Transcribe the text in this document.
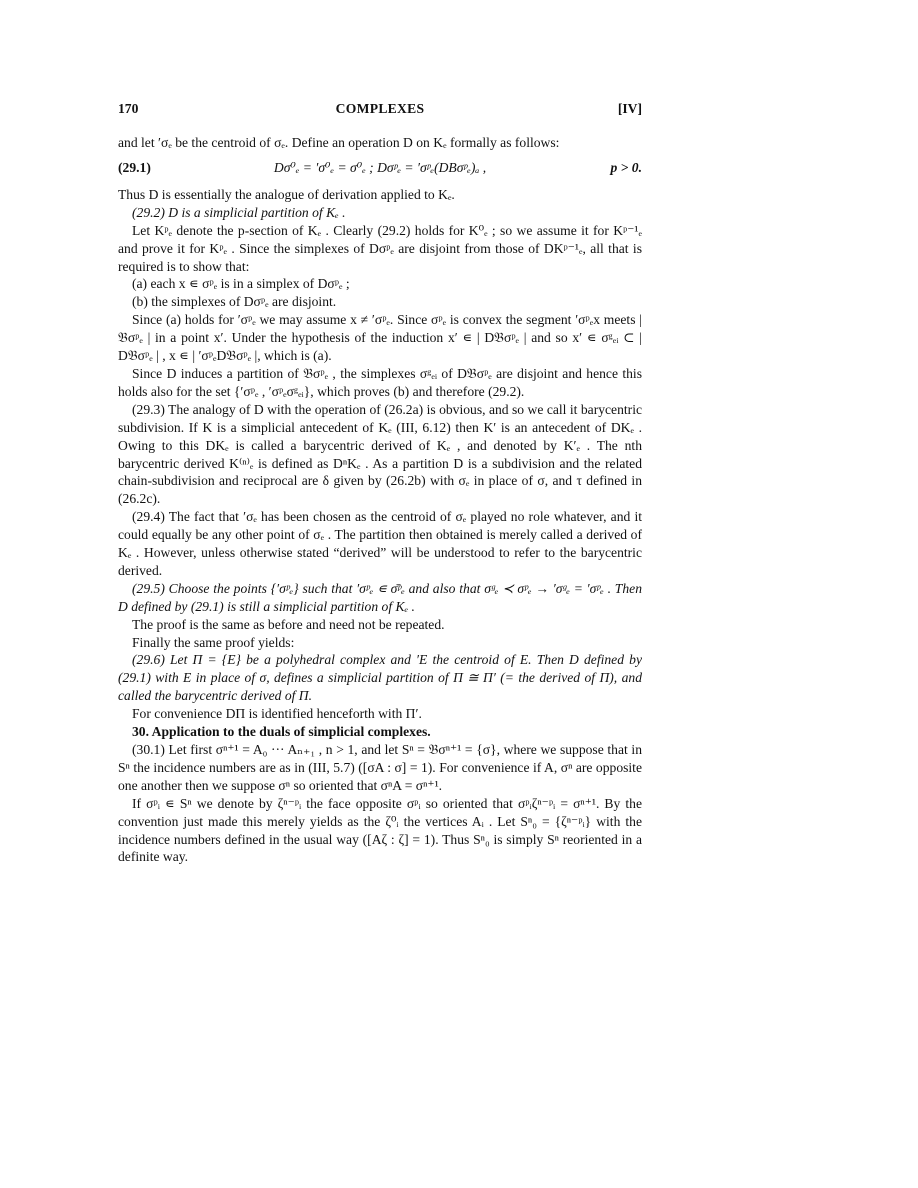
170	COMPLEXES	[IV]

and let ′σₑ be the centroid of σₑ. Define an operation D on Kₑ formally as follows:

(29.1)	Dσ⁰ₑ = ′σ⁰ₑ = σ⁰ₑ ; Dσᵖₑ = ′σᵖₑ(DBσᵖₑ)ₐ ,	p > 0.

Thus D is essentially the analogue of derivation applied to Kₑ.

(29.2) D is a simplicial partition of Kₑ .

Let Kᵖₑ denote the p-section of Kₑ . Clearly (29.2) holds for K⁰ₑ ; so we assume it for Kᵖ⁻¹ₑ and prove it for Kᵖₑ . Since the simplexes of Dσᵖₑ are disjoint from those of DKᵖ⁻¹ₑ, all that is required is to show that:

(a) each x ∊ σᵖₑ is in a simplex of Dσᵖₑ ;

(b) the simplexes of Dσᵖₑ are disjoint.

Since (a) holds for ′σᵖₑ we may assume x ≠ ′σᵖₑ. Since σᵖₑ is convex the segment ′σᵖₑx meets | 𝔅σᵖₑ | in a point x′. Under the hypothesis of the induction x′ ∊ | D𝔅σᵖₑ | and so x′ ∊ σᵍₑᵢ ⊂ | D𝔅σᵖₑ | , x ∊ | ′σᵖₑD𝔅σᵖₑ |, which is (a).

Since D induces a partition of 𝔅σᵖₑ , the simplexes σᵍₑᵢ of D𝔅σᵖₑ are disjoint and hence this holds also for the set {′σᵖₑ , ′σᵖₑσᵍₑᵢ}, which proves (b) and therefore (29.2).

(29.3) The analogy of D with the operation of (26.2a) is obvious, and so we call it barycentric subdivision. If K is a simplicial antecedent of Kₑ (III, 6.12) then K′ is an antecedent of DKₑ . Owing to this DKₑ is called a barycentric derived of Kₑ , and denoted by K′ₑ . The nth barycentric derived K⁽ⁿ⁾ₑ is defined as DⁿKₑ . As a partition D is a subdivision and the related chain-subdivision and reciprocal are δ given by (26.2b) with σₑ in place of σ, and τ defined in (26.2c).

(29.4) The fact that ′σₑ has been chosen as the centroid of σₑ played no role whatever, and it could equally be any other point of σₑ . The partition then obtained is merely called a derived of Kₑ . However, unless otherwise stated “derived” will be understood to refer to the barycentric derived.

(29.5) Choose the points {′σᵖₑ} such that ′σᵖₑ ∊ σ̄ᵖₑ and also that σᵍₑ ≺ σᵖₑ → ′σᵍₑ = ′σᵖₑ . Then D defined by (29.1) is still a simplicial partition of Kₑ .

The proof is the same as before and need not be repeated.

Finally the same proof yields:

(29.6) Let Π = {E} be a polyhedral complex and ′E the centroid of E. Then D defined by (29.1) with E in place of σ, defines a simplicial partition of Π ≅ Π′ (= the derived of Π), and called the barycentric derived of Π.

For convenience DΠ is identified henceforth with Π′.

30. Application to the duals of simplicial complexes.

(30.1) Let first σⁿ⁺¹ = A₀ ··· Aₙ₊₁ , n > 1, and let Sⁿ = 𝔅σⁿ⁺¹ = {σ}, where we suppose that in Sⁿ the incidence numbers are as in (III, 5.7) ([σA : σ] = 1). For convenience if A, σⁿ are opposite one another then we suppose σⁿ so oriented that σⁿA = σⁿ⁺¹.

If σᵖᵢ ∊ Sⁿ we denote by ζⁿ⁻ᵖᵢ the face opposite σᵖᵢ so oriented that σᵖᵢζⁿ⁻ᵖᵢ = σⁿ⁺¹. By the convention just made this merely yields as the ζ⁰ᵢ the vertices Aᵢ . Let Sⁿ₀ = {ζⁿ⁻ᵖᵢ} with the incidence numbers defined in the usual way ([Aζ : ζ] = 1). Thus Sⁿ₀ is simply Sⁿ reoriented in a definite way.
